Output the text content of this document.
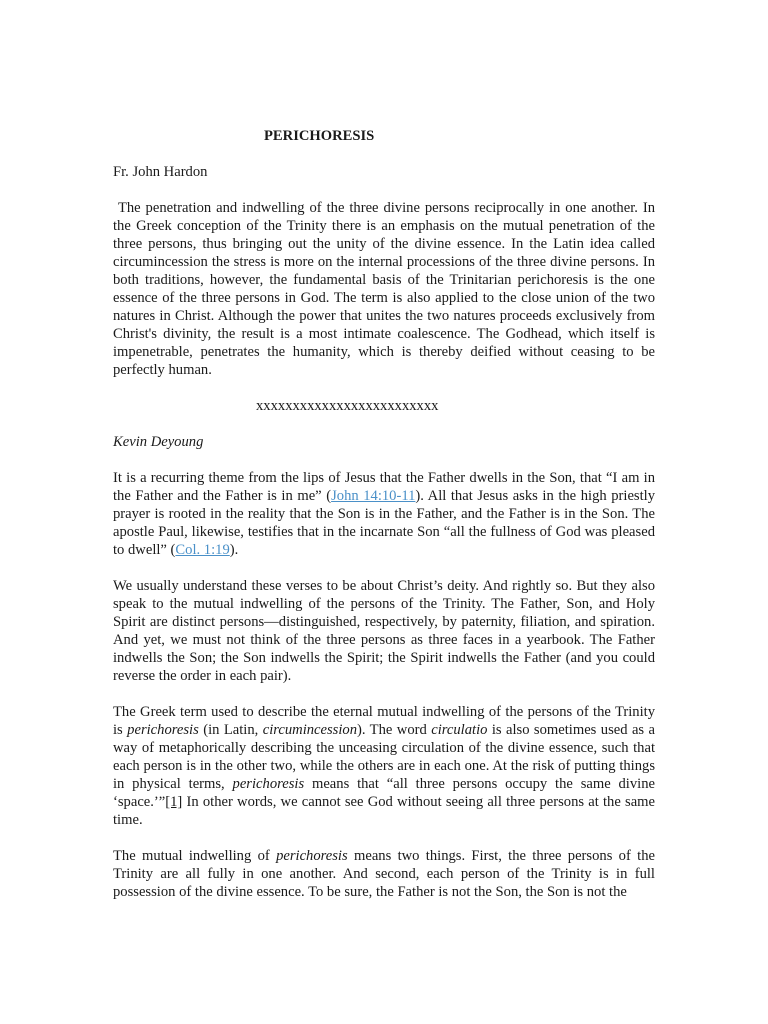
PERICHORESIS
Fr. John Hardon

The penetration and indwelling of the three divine persons reciprocally in one another. In the Greek conception of the Trinity there is an emphasis on the mutual penetration of the three persons, thus bringing out the unity of the divine essence. In the Latin idea called circumincession the stress is more on the internal processions of the three divine persons. In both traditions, however, the fundamental basis of the Trinitarian perichoresis is the one essence of the three persons in God. The term is also applied to the close union of the two natures in Christ. Although the power that unites the two natures proceeds exclusively from Christ's divinity, the result is a most intimate coalescence. The Godhead, which itself is impenetrable, penetrates the humanity, which is thereby deified without ceasing to be perfectly human.

xxxxxxxxxxxxxxxxxxxxxxxxx

Kevin Deyoung

It is a recurring theme from the lips of Jesus that the Father dwells in the Son, that “I am in the Father and the Father is in me” (John 14:10-11). All that Jesus asks in the high priestly prayer is rooted in the reality that the Son is in the Father, and the Father is in the Son. The apostle Paul, likewise, testifies that in the incarnate Son “all the fullness of God was pleased to dwell” (Col. 1:19).

We usually understand these verses to be about Christ’s deity. And rightly so. But they also speak to the mutual indwelling of the persons of the Trinity. The Father, Son, and Holy Spirit are distinct persons—distinguished, respectively, by paternity, filiation, and spiration. And yet, we must not think of the three persons as three faces in a yearbook. The Father indwells the Son; the Son indwells the Spirit; the Spirit indwells the Father (and you could reverse the order in each pair).

The Greek term used to describe the eternal mutual indwelling of the persons of the Trinity is perichoresis (in Latin, circumincession). The word circulatio is also sometimes used as a way of metaphorically describing the unceasing circulation of the divine essence, such that each person is in the other two, while the others are in each one. At the risk of putting things in physical terms, perichoresis means that “all three persons occupy the same divine ‘space.’”[1] In other words, we cannot see God without seeing all three persons at the same time.

The mutual indwelling of perichoresis means two things. First, the three persons of the Trinity are all fully in one another. And second, each person of the Trinity is in full possession of the divine essence. To be sure, the Father is not the Son, the Son is not the
